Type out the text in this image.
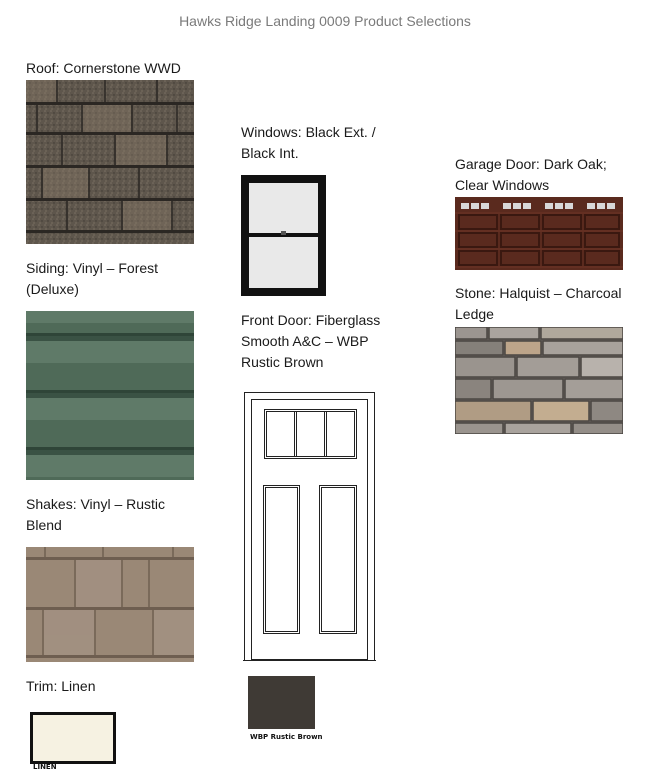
Hawks Ridge Landing 0009 Product Selections
Roof: Cornerstone WWD
Siding: Vinyl – Forest (Deluxe)
Shakes: Vinyl – Rustic Blend
Trim: Linen
LINEN
Windows: Black Ext. / Black Int.
Front Door: Fiberglass Smooth A&C – WBP Rustic Brown
WBP Rustic Brown
Garage Door: Dark Oak; Clear Windows
Stone: Halquist – Charcoal Ledge
